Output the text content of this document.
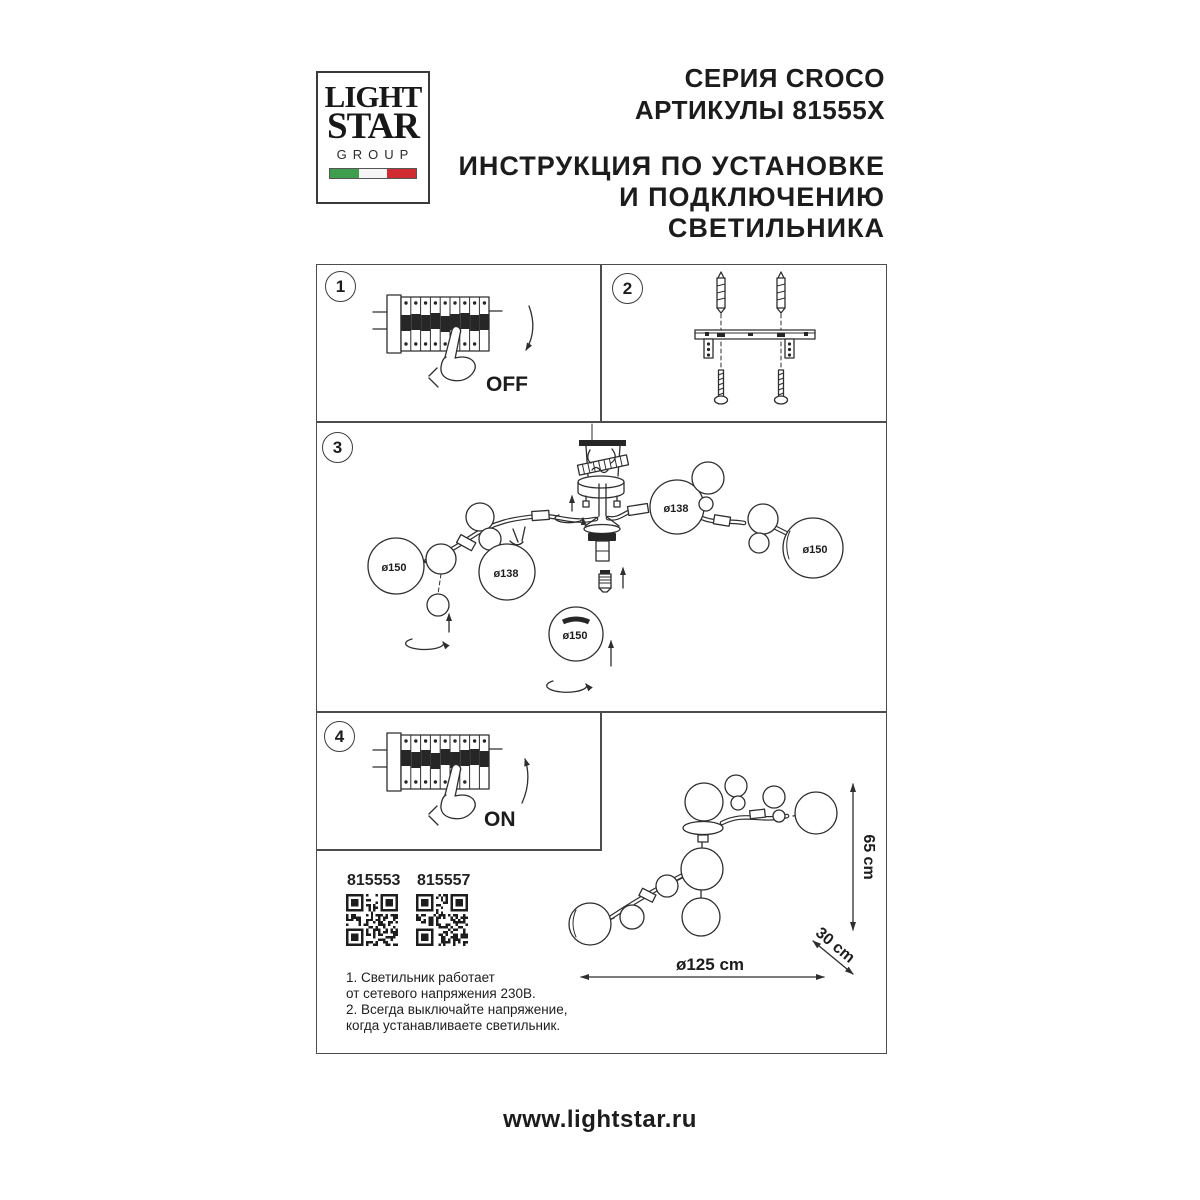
LIGHT
STAR
GROUP
СЕРИЯ CROCO
АРТИКУЛЫ 81555X
ИНСТРУКЦИЯ ПО УСТАНОВКЕ
И ПОДКЛЮЧЕНИЮ СВЕТИЛЬНИКА
1	2
3
4
OFF
ø150	ø138
ø138
ø150
ø150
ON
815553 815557
1. Светильник работает
от сетевого напряжения 230В.
2. Всегда выключайте напряжение,
когда устанавливаете светильник.
65 cm
30 cm
ø125 cm
www.lightstar.ru
